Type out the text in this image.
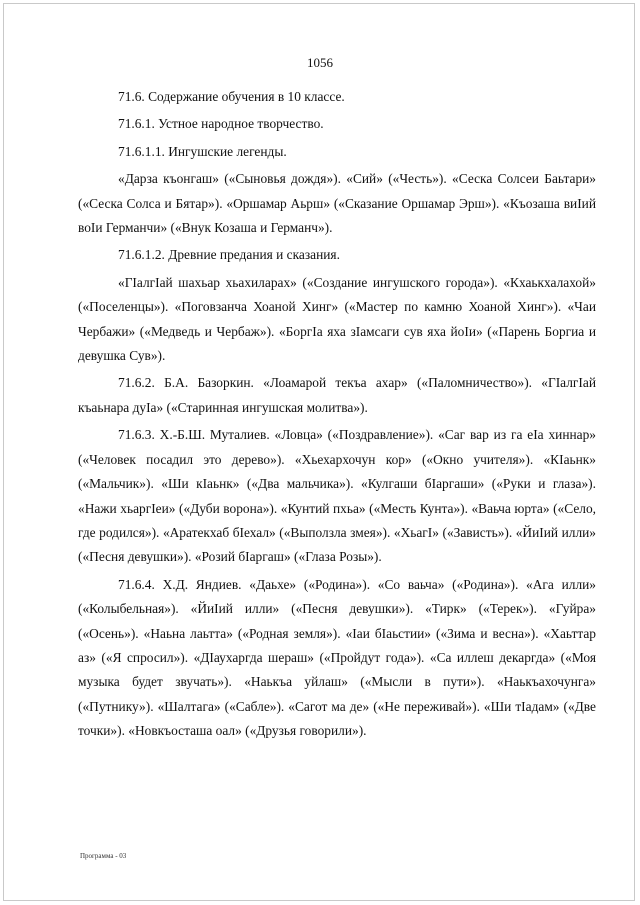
1056

71.6. Содержание обучения в 10 классе.

71.6.1. Устное народное творчество.

71.6.1.1. Ингушские легенды.

«Дарза къонгаш» («Сыновья дождя»). «Сий» («Честь»). «Сеска Солсеи Баьтари» («Сеска Солса и Бятар»). «Оршамар Аьрш» («Сказание Оршамар Эрш»). «Къозаша виӀий воӀи Германчи» («Внук Козаша и Германч»).

71.6.1.2. Древние предания и сказания.

«ГІалгІай шахьар хьахиларах» («Создание ингушского города»). «Кхаькхалахой» («Поселенцы»). «Поговзанча Хоаной Хинг» («Мастер по камню Хоаной Хинг»). «Чаи Чербажи» («Медведь и Чербаж»). «БоргӀа яха зӀамсаги сув яха йоӀи» («Парень Боргиа и девушка Сув»).

71.6.2. Б.А. Базоркин. «Лоамарой текъа ахар» («Паломничество»). «ГІалгІай къаьнара дуӀа» («Старинная ингушская молитва»).

71.6.3. Х.-Б.Ш. Муталиев. «Ловца» («Поздравление»). «Саг вар из га еӀа хиннар» («Человек посадил это дерево»). «Хьехархочун кор» («Окно учителя»). «КІаьнк» («Мальчик»). «Ши кІаьнк» («Два мальчика»). «Кулгаши бІаргаши» («Руки и глаза»). «Нажи хьаргІеи» («Дуби ворона»). «Кунтий пхьа» («Месть Кунта»). «Ваьча юрта» («Село, где родился»). «Аратекхаб бІехал» («Выползла змея»). «ХьагІ» («Зависть»). «ЙиӀий илли» («Песня девушки»). «Розий бІаргаш» («Глаза Розы»).

71.6.4. Х.Д. Яндиев. «Даьхе» («Родина»). «Со ваьча» («Родина»). «Ага илли» («Колыбельная»). «ЙиӀий илли» («Песня девушки»). «Тирк» («Терек»). «Гуйра» («Осень»). «Наьна лаьтта» («Родная земля»). «Іаи бІаьстии» («Зима и весна»). «Хаьттар аз» («Я спросил»). «ДІаухаргда шераш» («Пройдут года»). «Са иллеш декаргда» («Моя музыка будет звучать»). «Наькъа уйлаш» («Мысли в пути»). «Наькъахочунга» («Путнику»). «Шалтага» («Сабле»). «Сагот ма де» («Не переживай»). «Ши тІадам» («Две точки»). «Новкъосташа оал» («Друзья говорили»).

Программа - 03
